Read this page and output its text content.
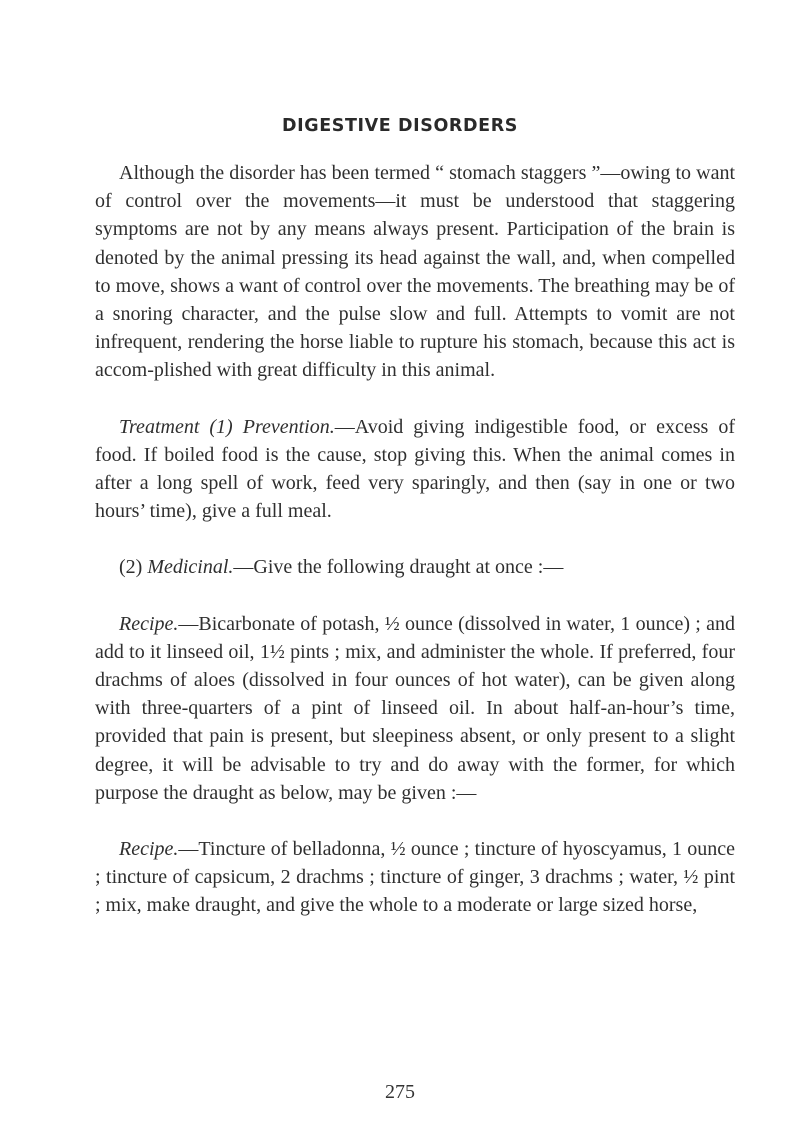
DIGESTIVE DISORDERS

Although the disorder has been termed “ stomach staggers ”—owing to want of control over the movements—it must be understood that staggering symptoms are not by any means always present. Participation of the brain is denoted by the animal pressing its head against the wall, and, when compelled to move, shows a want of control over the movements. The breathing may be of a snoring character, and the pulse slow and full. Attempts to vomit are not infrequent, rendering the horse liable to rupture his stomach, because this act is accom-plished with great difficulty in this animal.

Treatment (1) Prevention.—Avoid giving indigestible food, or excess of food. If boiled food is the cause, stop giving this. When the animal comes in after a long spell of work, feed very sparingly, and then (say in one or two hours’ time), give a full meal.

(2) Medicinal.—Give the following draught at once :—

Recipe.—Bicarbonate of potash, ½ ounce (dissolved in water, 1 ounce) ; and add to it linseed oil, 1½ pints ; mix, and administer the whole. If preferred, four drachms of aloes (dissolved in four ounces of hot water), can be given along with three-quarters of a pint of linseed oil. In about half-an-hour’s time, provided that pain is present, but sleepiness absent, or only present to a slight degree, it will be advisable to try and do away with the former, for which purpose the draught as below, may be given :—

Recipe.—Tincture of belladonna, ½ ounce ; tincture of hyoscyamus, 1 ounce ; tincture of capsicum, 2 drachms ; tincture of ginger, 3 drachms ; water, ½ pint ; mix, make draught, and give the whole to a moderate or large sized horse,

275
